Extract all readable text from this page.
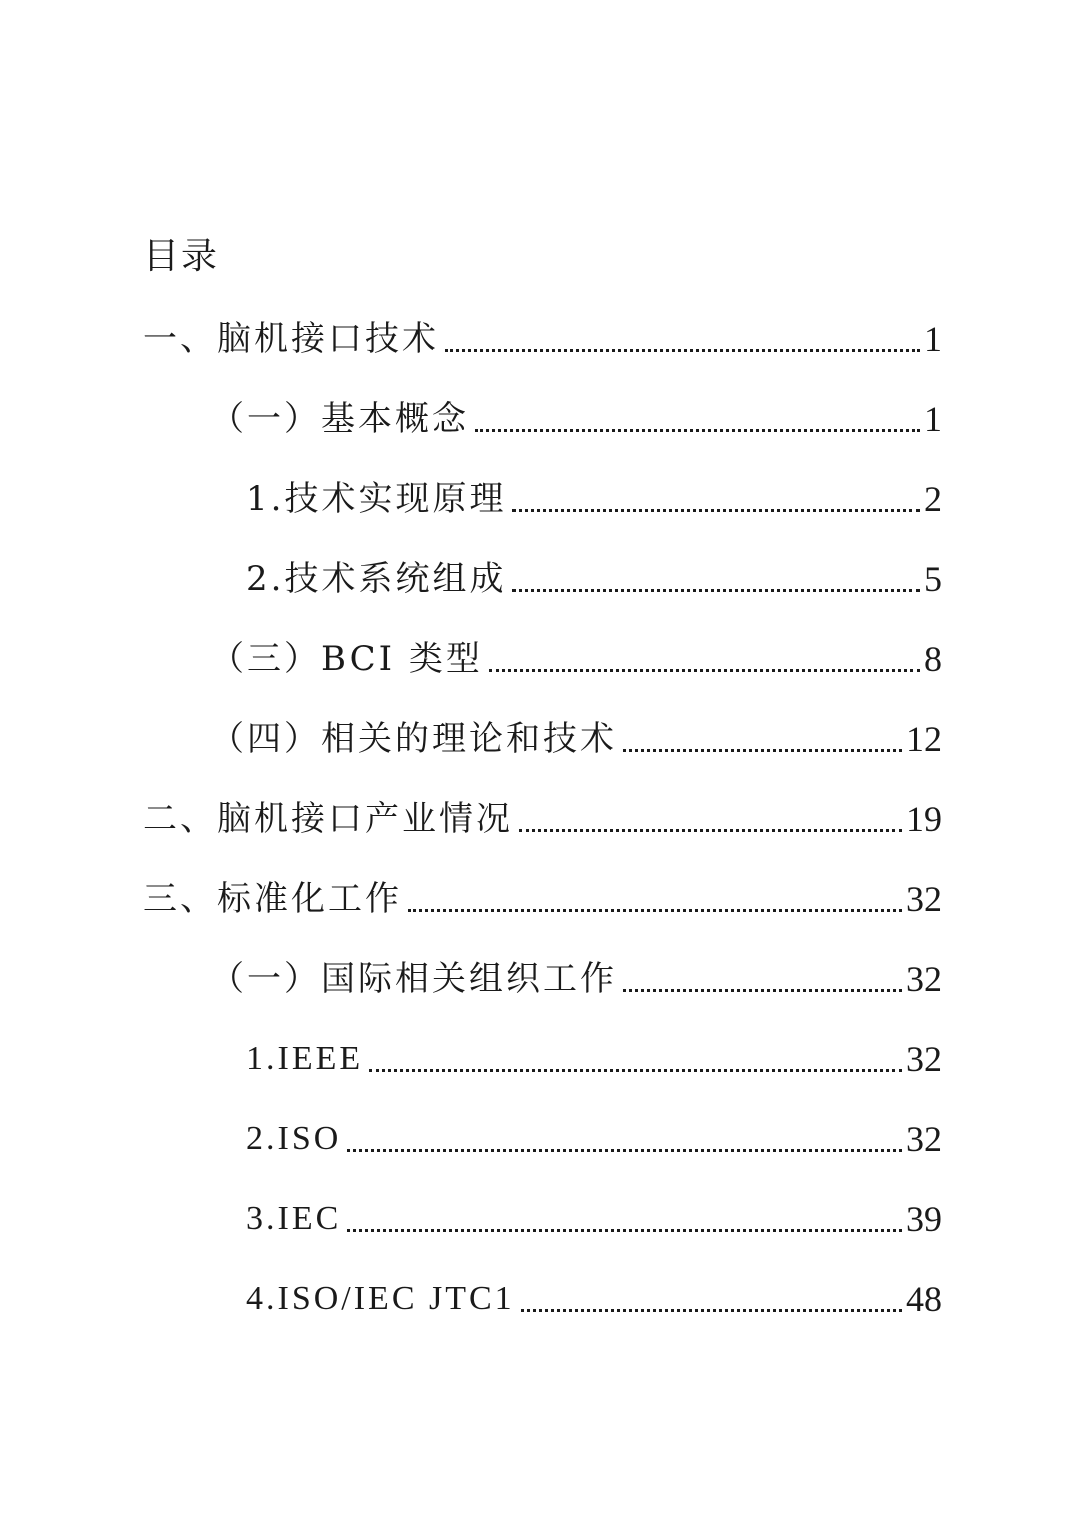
目录
一、脑机接口技术	1
（一）基本概念	1
1.技术实现原理	2
2.技术系统组成	5
（三）BCI 类型	8
（四）相关的理论和技术	12
二、脑机接口产业情况	19
三、标准化工作	32
（一）国际相关组织工作	32
1.IEEE	32
2.ISO	32
3.IEC	39
4.ISO/IEC JTC1	48
